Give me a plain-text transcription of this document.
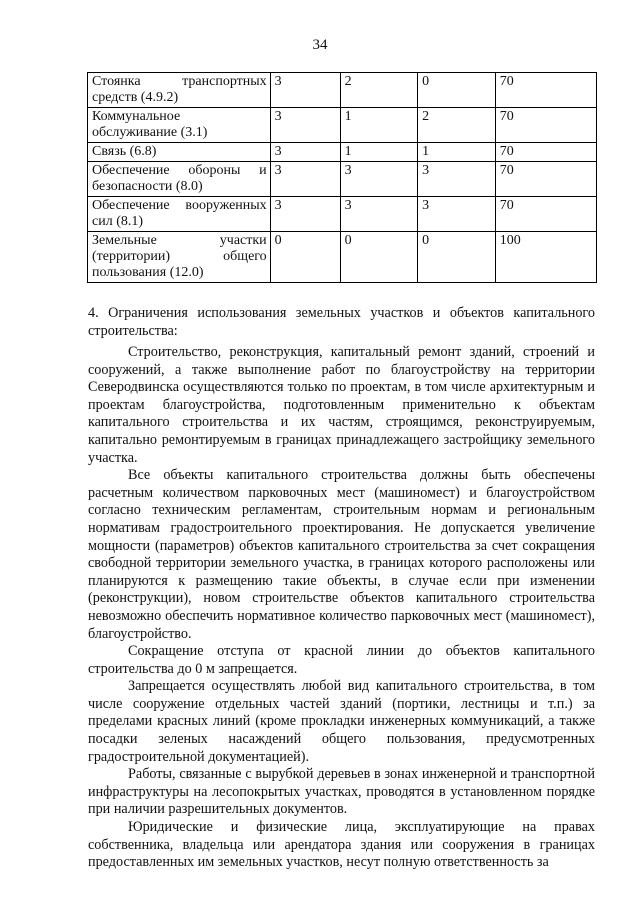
34
Стоянка транспортных средств (4.9.2)	3	2	0	70
Коммунальное обслуживание (3.1)	3	1	2	70
Связь (6.8)	3	1	1	70
Обеспечение обороны и безопасности (8.0)	3	3	3	70
Обеспечение вооруженных сил (8.1)	3	3	3	70
Земельные участки (территории) общего пользования (12.0)	0	0	0	100
4. Ограничения использования земельных участков и объектов капитального строительства:

Строительство, реконструкция, капитальный ремонт зданий, строений и сооружений, а также выполнение работ по благоустройству на территории Северодвинска осуществляются только по проектам, в том числе архитектурным и проектам благоустройства, подготовленным применительно к объектам капитального строительства и их частям, строящимся, реконструируемым, капитально ремонтируемым в границах принадлежащего застройщику земельного участка.

Все объекты капитального строительства должны быть обеспечены расчетным количеством парковочных мест (машиномест) и благоустройством согласно техническим регламентам, строительным нормам и региональным нормативам градостроительного проектирования. Не допускается увеличение мощности (параметров) объектов капитального строительства за счет сокращения свободной территории земельного участка, в границах которого расположены или планируются к размещению такие объекты, в случае если при изменении (реконструкции), новом строительстве объектов капитального строительства невозможно обеспечить нормативное количество парковочных мест (машиномест), благоустройство.

Сокращение отступа от красной линии до объектов капитального строительства до 0 м запрещается.

Запрещается осуществлять любой вид капитального строительства, в том числе сооружение отдельных частей зданий (портики, лестницы и т.п.) за пределами красных линий (кроме прокладки инженерных коммуникаций, а также посадки зеленых насаждений общего пользования, предусмотренных градостроительной документацией).

Работы, связанные с вырубкой деревьев в зонах инженерной и транспортной инфраструктуры на лесопокрытых участках, проводятся в установленном порядке при наличии разрешительных документов.

Юридические и физические лица, эксплуатирующие на правах собственника, владельца или арендатора здания или сооружения в границах предоставленных им земельных участков, несут полную ответственность за
